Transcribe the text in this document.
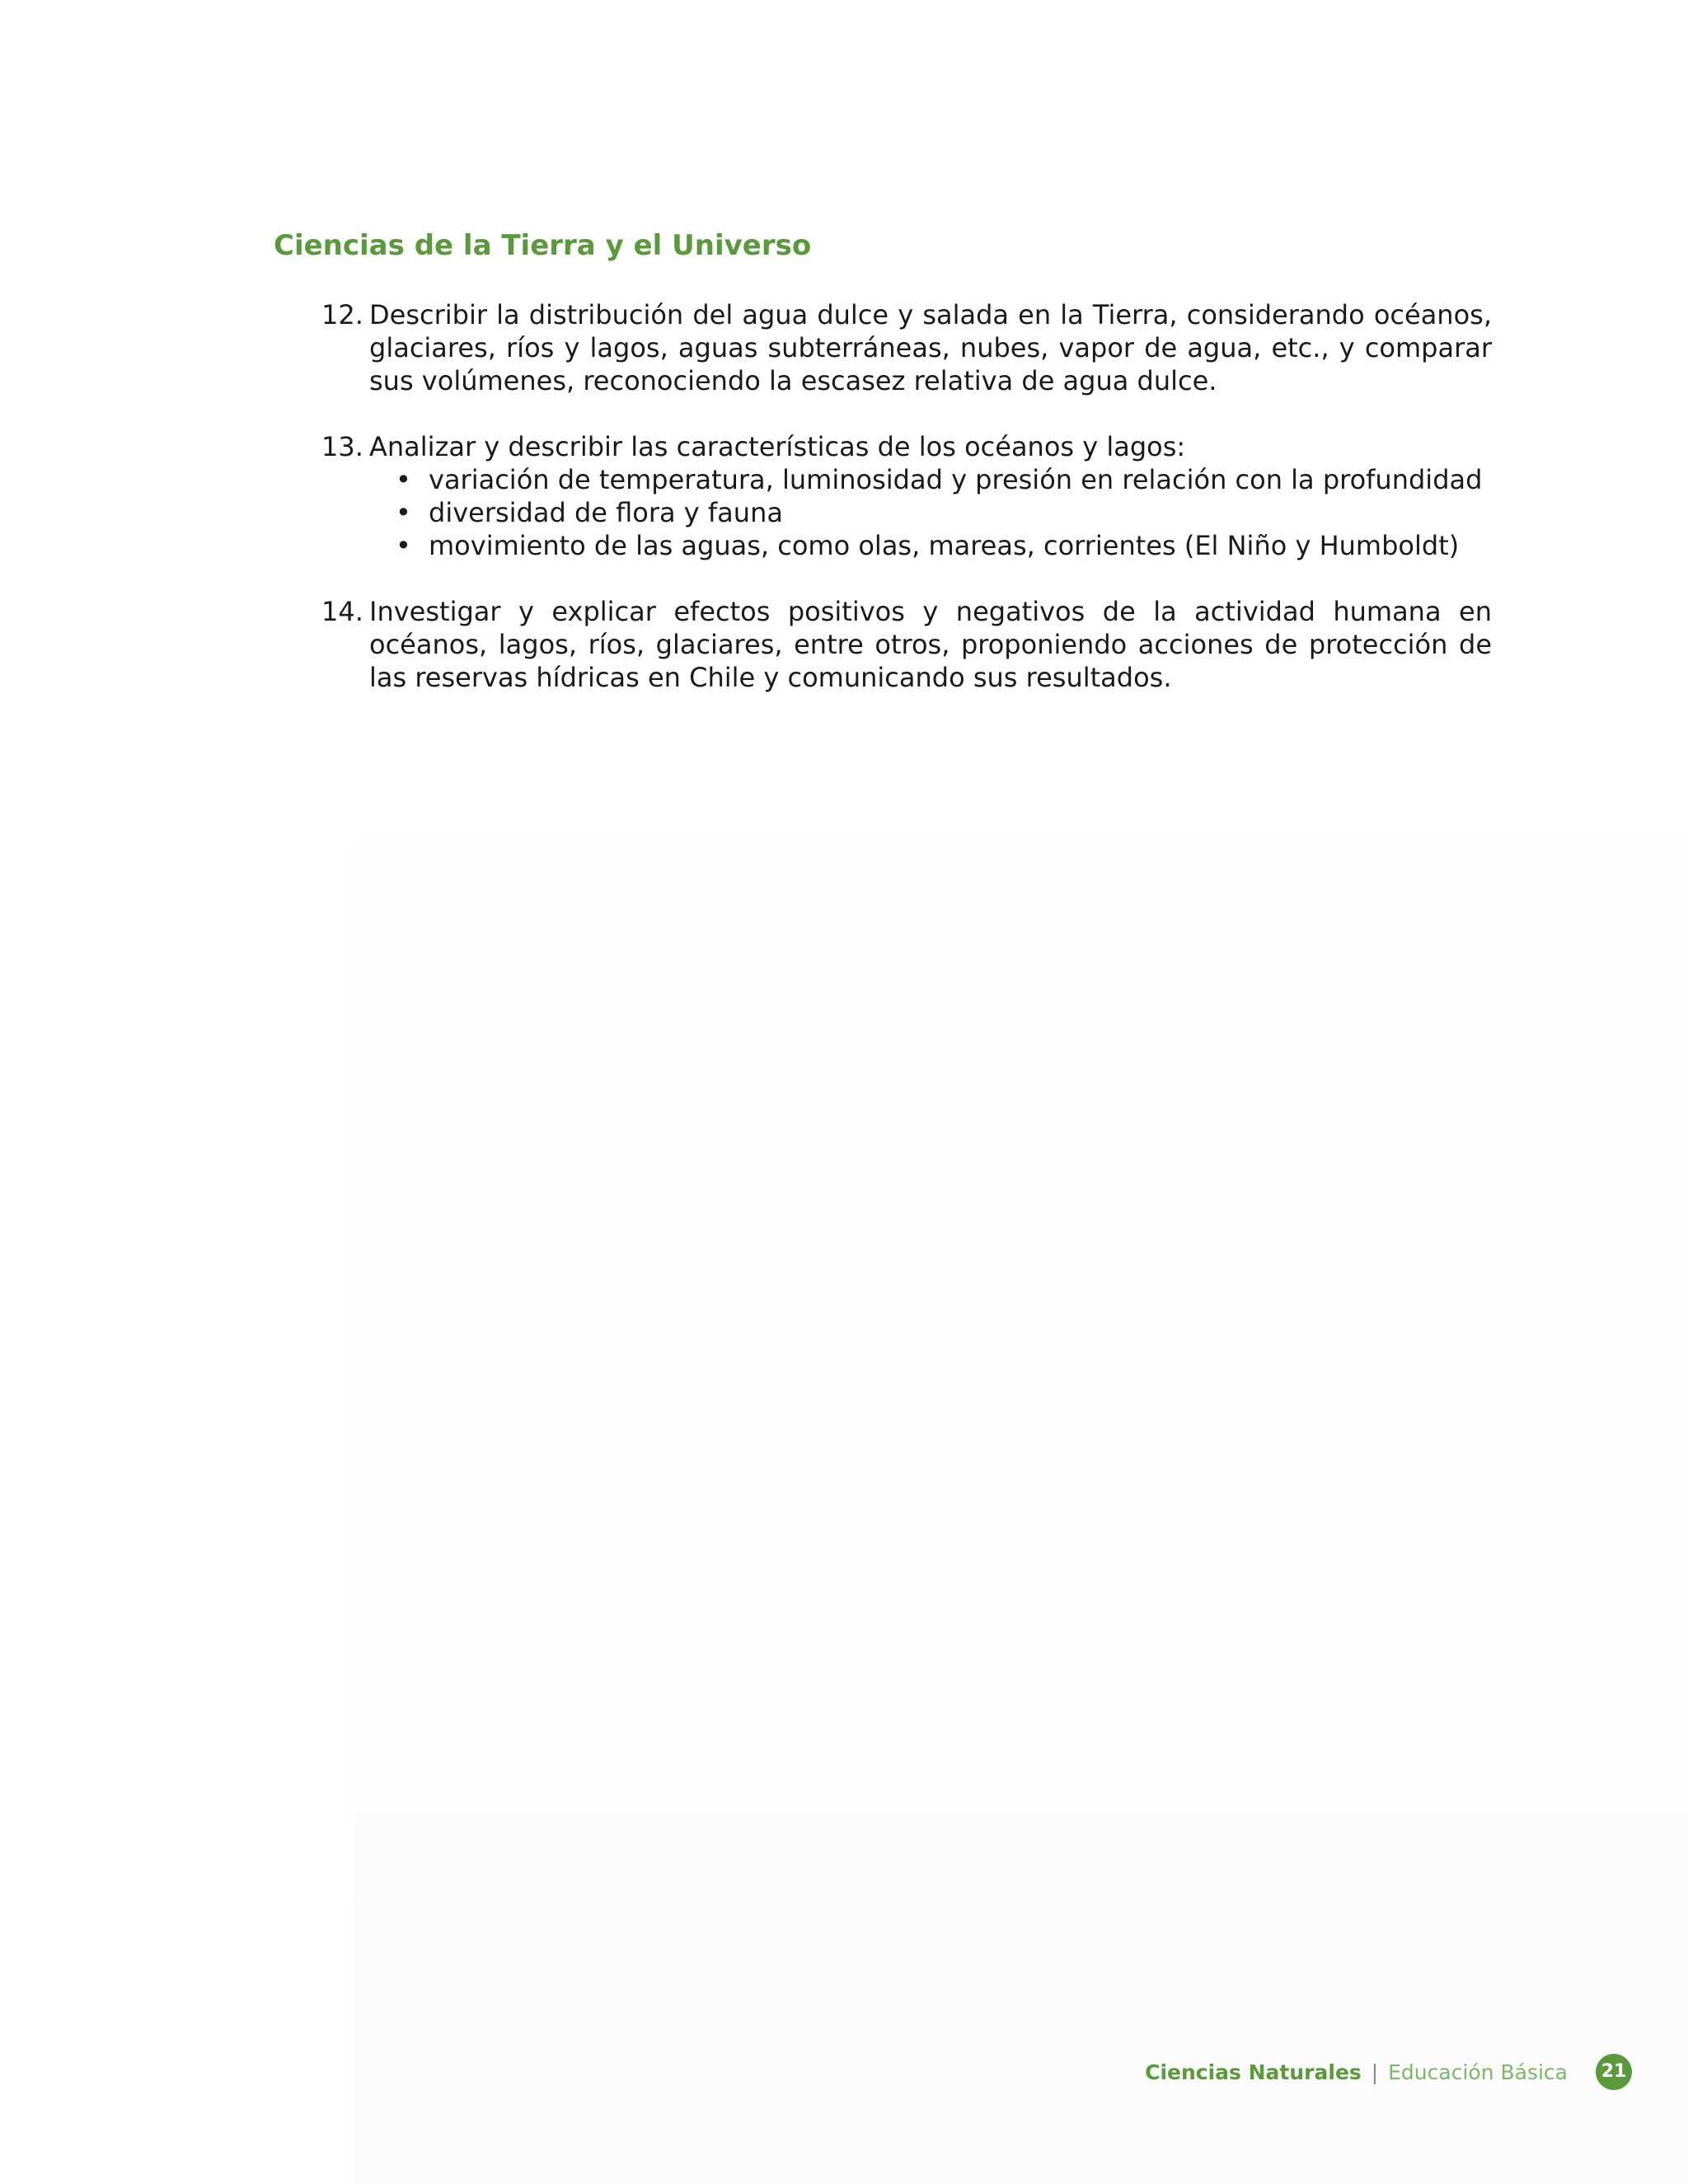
Ciencias de la Tierra y el Universo
12. Describir la distribución del agua dulce y salada en la Tierra, considerando océanos, glaciares, ríos y lagos, aguas subterráneas, nubes, vapor de agua, etc., y comparar sus volúmenes, reconociendo la escasez relativa de agua dulce.
13. Analizar y describir las características de los océanos y lagos:
• variación de temperatura, luminosidad y presión en relación con la profundidad
• diversidad de flora y fauna
• movimiento de las aguas, como olas, mareas, corrientes (El Niño y Humboldt)
14. Investigar y explicar efectos positivos y negativos de la actividad humana en océanos, lagos, ríos, glaciares, entre otros, proponiendo acciones de protección de las reservas hídricas en Chile y comunicando sus resultados.
Ciencias Naturales | Educación Básica	21
